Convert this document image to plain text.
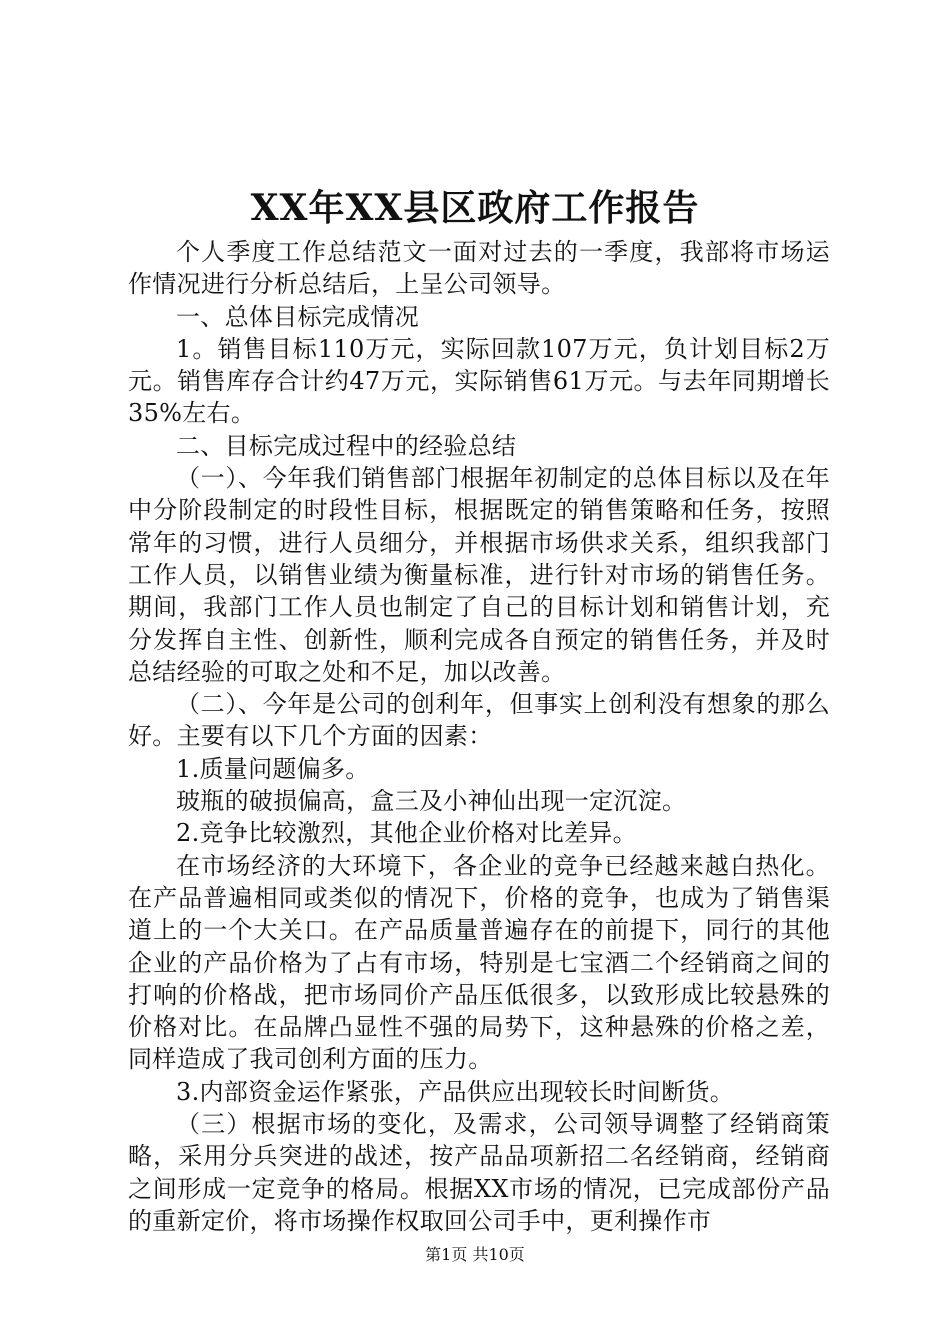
XX年XX县区政府工作报告

个人季度工作总结范文一面对过去的一季度，我部将市场运作情况进行分析总结后，上呈公司领导。

一、总体目标完成情况

1。销售目标110万元，实际回款107万元，负计划目标2万元。销售库存合计约47万元，实际销售61万元。与去年同期增长35%左右。

二、目标完成过程中的经验总结

（一）、今年我们销售部门根据年初制定的总体目标以及在年中分阶段制定的时段性目标，根据既定的销售策略和任务，按照常年的习惯，进行人员细分，并根据市场供求关系，组织我部门工作人员，以销售业绩为衡量标准，进行针对市场的销售任务。期间，我部门工作人员也制定了自己的目标计划和销售计划，充分发挥自主性、创新性，顺利完成各自预定的销售任务，并及时总结经验的可取之处和不足，加以改善。

（二）、今年是公司的创利年，但事实上创利没有想象的那么好。主要有以下几个方面的因素：

1.质量问题偏多。

玻瓶的破损偏高，盒三及小神仙出现一定沉淀。

2.竞争比较激烈，其他企业价格对比差异。

在市场经济的大环境下，各企业的竞争已经越来越白热化。在产品普遍相同或类似的情况下，价格的竞争，也成为了销售渠道上的一个大关口。在产品质量普遍存在的前提下，同行的其他企业的产品价格为了占有市场，特别是七宝酒二个经销商之间的打响的价格战，把市场同价产品压低很多，以致形成比较悬殊的价格对比。在品牌凸显性不强的局势下，这种悬殊的价格之差，同样造成了我司创利方面的压力。

3.内部资金运作紧张，产品供应出现较长时间断货。

（三）根据市场的变化，及需求，公司领导调整了经销商策略，采用分兵突进的战述，按产品品项新招二名经销商，经销商之间形成一定竞争的格局。根据XX市场的情况，已完成部份产品的重新定价，将市场操作权取回公司手中，更利操作市

第1页 共10页
